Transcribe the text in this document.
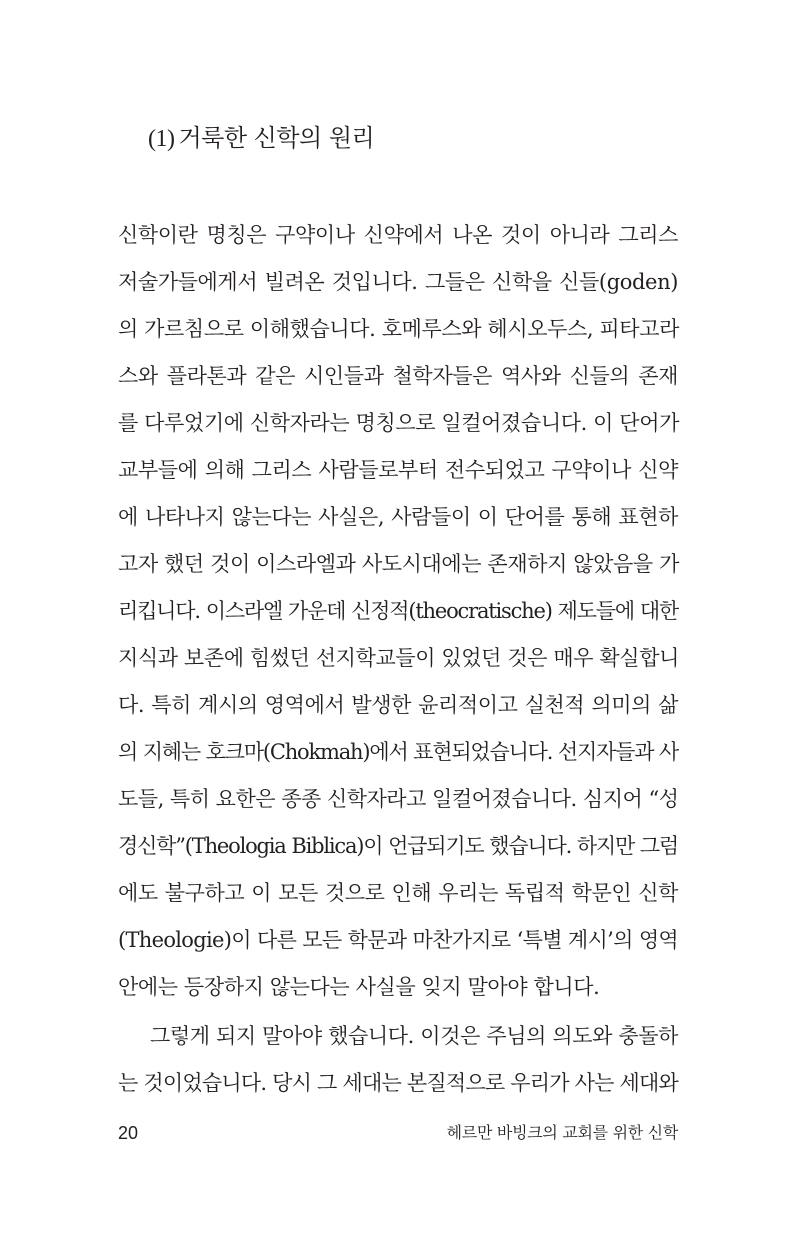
(1) 거룩한 신학의 원리
신학이란 명칭은 구약이나 신약에서 나온 것이 아니라 그리스
저술가들에게서 빌려온 것입니다. 그들은 신학을 신들(goden)
의 가르침으로 이해했습니다. 호메루스와 헤시오두스, 피타고라
스와 플라톤과 같은 시인들과 철학자들은 역사와 신들의 존재
를 다루었기에 신학자라는 명칭으로 일컬어졌습니다. 이 단어가
교부들에 의해 그리스 사람들로부터 전수되었고 구약이나 신약
에 나타나지 않는다는 사실은, 사람들이 이 단어를 통해 표현하
고자 했던 것이 이스라엘과 사도시대에는 존재하지 않았음을 가
리킵니다. 이스라엘 가운데 신정적(theocratische) 제도들에 대한
지식과 보존에 힘썼던 선지학교들이 있었던 것은 매우 확실합니
다. 특히 계시의 영역에서 발생한 윤리적이고 실천적 의미의 삶
의 지혜는 호크마(Chokmah)에서 표현되었습니다. 선지자들과 사
도들, 특히 요한은 종종 신학자라고 일컬어졌습니다. 심지어 “성
경신학”(Theologia Biblica)이 언급되기도 했습니다. 하지만 그럼
에도 불구하고 이 모든 것으로 인해 우리는 독립적 학문인 신학
(Theologie)이 다른 모든 학문과 마찬가지로 ‘특별 계시’의 영역
안에는 등장하지 않는다는 사실을 잊지 말아야 합니다.
그렇게 되지 말아야 했습니다. 이것은 주님의 의도와 충돌하
는 것이었습니다. 당시 그 세대는 본질적으로 우리가 사는 세대와
20	헤르만 바빙크의 교회를 위한 신학
